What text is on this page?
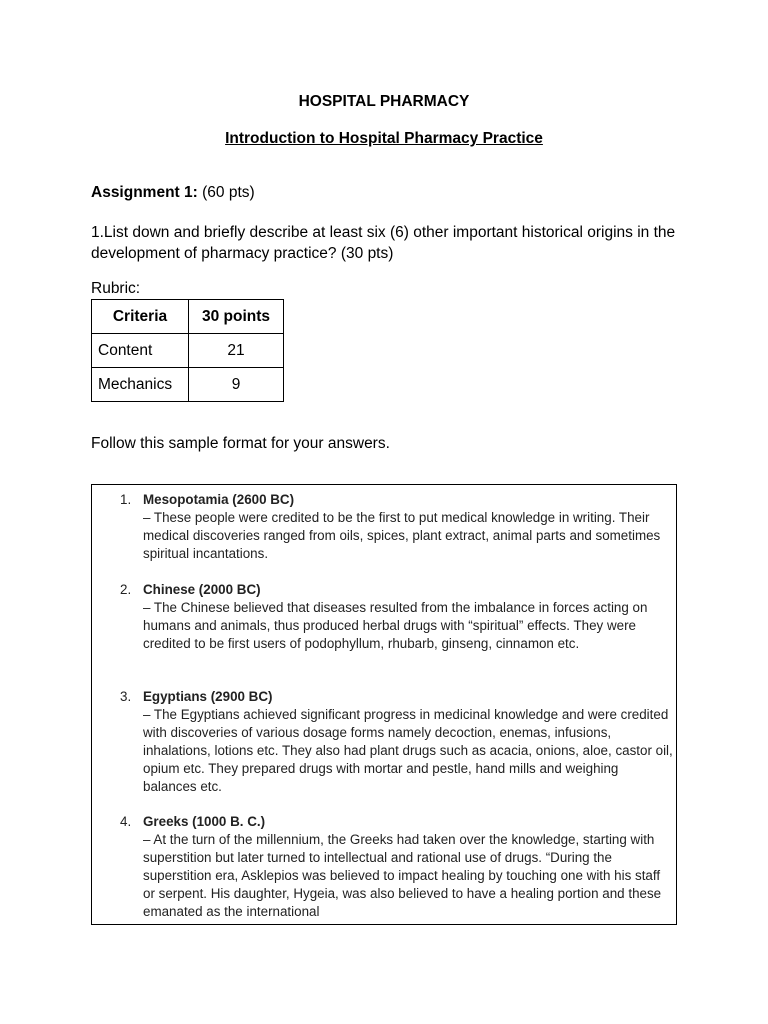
HOSPITAL PHARMACY
Introduction to Hospital Pharmacy Practice
Assignment 1: (60 pts)
1.List down and briefly describe at least six (6) other important historical origins in the development of pharmacy practice? (30 pts)
Rubric:
Criteria	30 points
Content	21
Mechanics	9
Follow this sample format for your answers.
1. Mesopotamia (2600 BC)
– These people were credited to be the first to put medical knowledge in writing. Their medical discoveries ranged from oils, spices, plant extract, animal parts and sometimes spiritual incantations.
2. Chinese (2000 BC)
– The Chinese believed that diseases resulted from the imbalance in forces acting on humans and animals, thus produced herbal drugs with “spiritual” effects. They were credited to be first users of podophyllum, rhubarb, ginseng, cinnamon etc.
3. Egyptians (2900 BC)
– The Egyptians achieved significant progress in medicinal knowledge and were credited with discoveries of various dosage forms namely decoction, enemas, infusions, inhalations, lotions etc. They also had plant drugs such as acacia, onions, aloe, castor oil, opium etc. They prepared drugs with mortar and pestle, hand mills and weighing balances etc.
4. Greeks (1000 B. C.)
– At the turn of the millennium, the Greeks had taken over the knowledge, starting with superstition but later turned to intellectual and rational use of drugs. “During the superstition era, Asklepios was believed to impact healing by touching one with his staff or serpent. His daughter, Hygeia, was also believed to have a healing portion and these emanated as the international
